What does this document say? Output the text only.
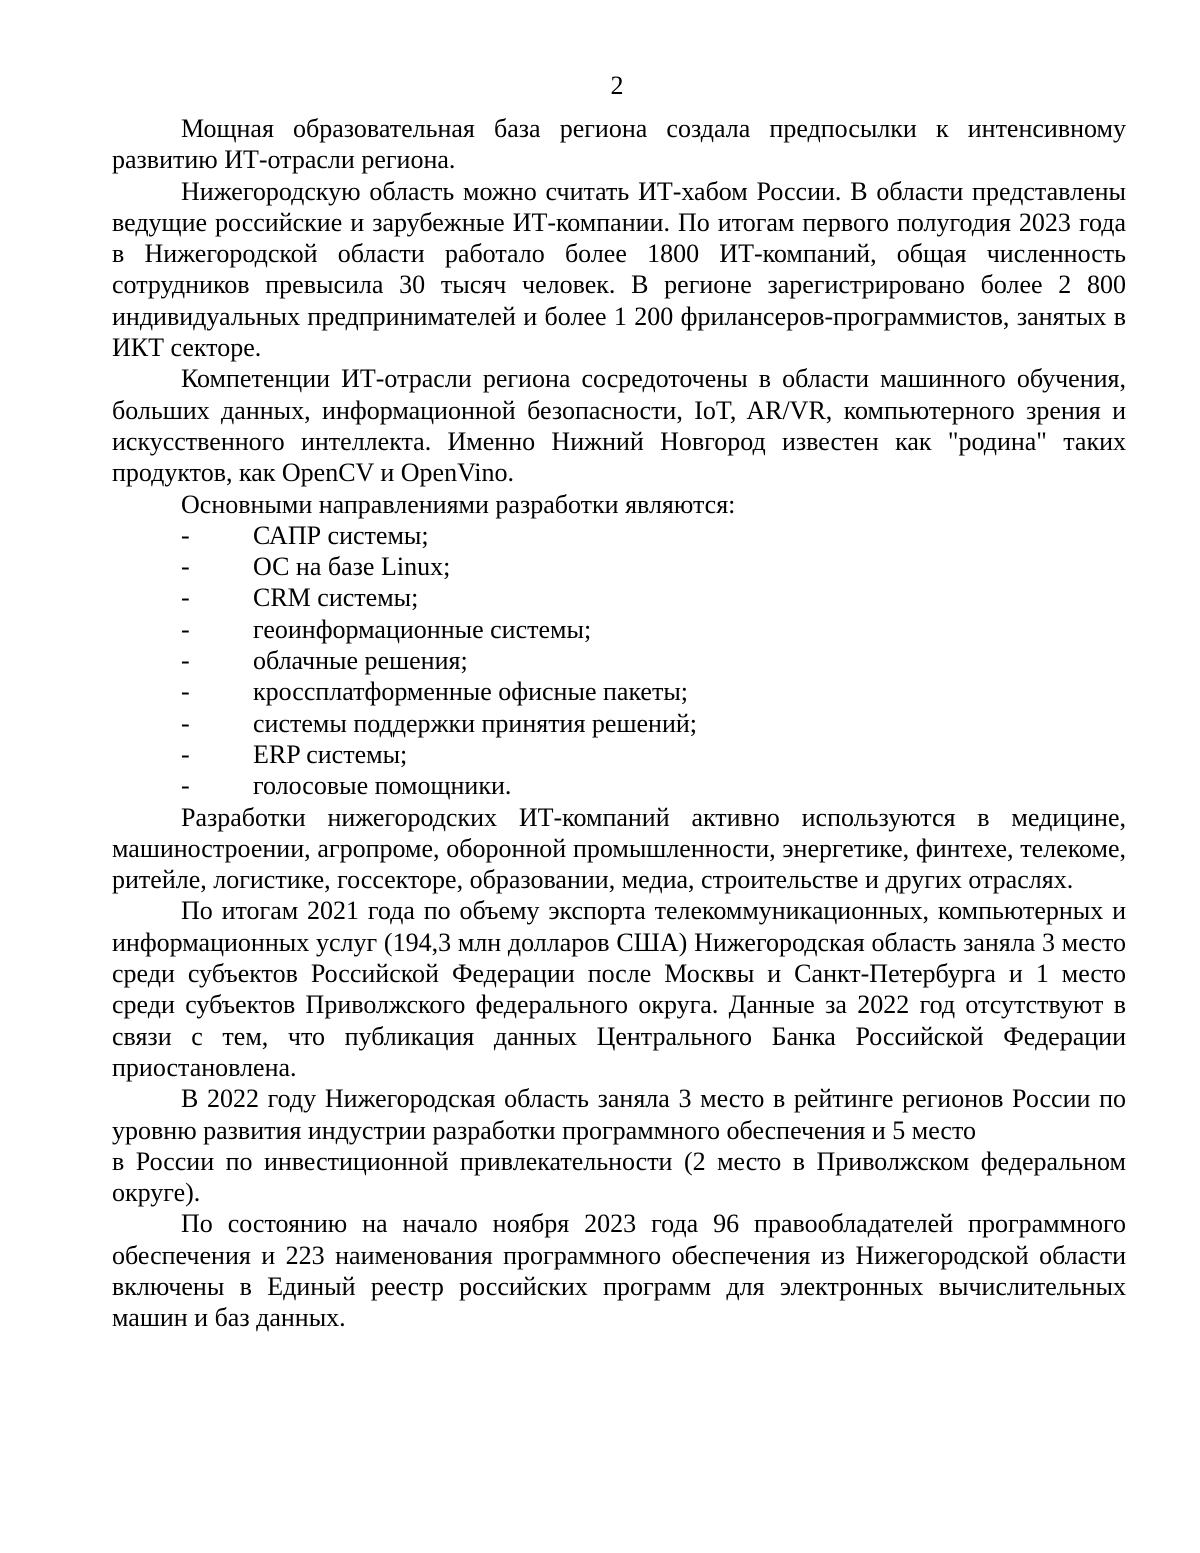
2

Мощная образовательная база региона создала предпосылки к интенсивному развитию ИТ-отрасли региона.

Нижегородскую область можно считать ИТ-хабом России. В области представлены ведущие российские и зарубежные ИТ-компании. По итогам первого полугодия 2023 года в Нижегородской области работало более 1800 ИТ-компаний, общая численность сотрудников превысила 30 тысяч человек. В регионе зарегистрировано более 2 800 индивидуальных предпринимателей и более 1 200 фрилансеров-программистов, занятых в ИКТ секторе.

Компетенции ИТ-отрасли региона сосредоточены в области машинного обучения, больших данных, информационной безопасности, IoT, AR/VR, компьютерного зрения и искусственного интеллекта. Именно Нижний Новгород известен как "родина" таких продуктов, как OpenCV и OpenVino.

Основными направлениями разработки являются:

- САПР системы;
- ОС на базе Linux;
- CRM системы;
- геоинформационные системы;
- облачные решения;
- кроссплатформенные офисные пакеты;
- системы поддержки принятия решений;
- ERP системы;
- голосовые помощники.

Разработки нижегородских ИТ-компаний активно используются в медицине, машиностроении, агропроме, оборонной промышленности, энергетике, финтехе, телекоме, ритейле, логистике, госсекторе, образовании, медиа, строительстве и других отраслях.

По итогам 2021 года по объему экспорта телекоммуникационных, компьютерных и информационных услуг (194,3 млн долларов США) Нижегородская область заняла 3 место среди субъектов Российской Федерации после Москвы и Санкт-Петербурга и 1 место среди субъектов Приволжского федерального округа. Данные за 2022 год отсутствуют в связи с тем, что публикация данных Центрального Банка Российской Федерации приостановлена.

В 2022 году Нижегородская область заняла 3 место в рейтинге регионов России по уровню развития индустрии разработки программного обеспечения и 5 место

в России по инвестиционной привлекательности (2 место в Приволжском федеральном округе).

По состоянию на начало ноября 2023 года 96 правообладателей программного обеспечения и 223 наименования программного обеспечения из Нижегородской области включены в Единый реестр российских программ для электронных вычислительных машин и баз данных.
